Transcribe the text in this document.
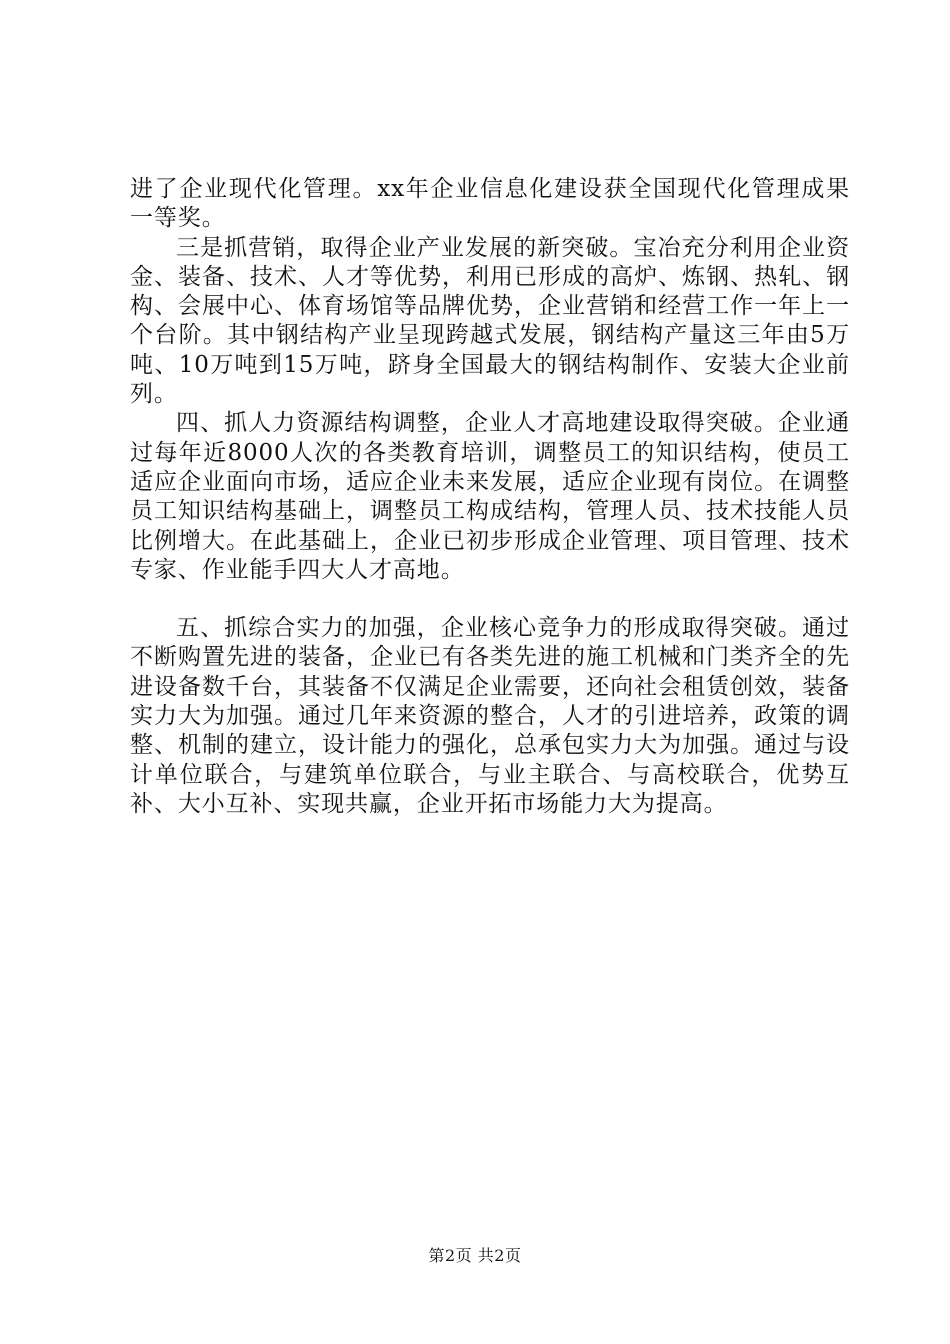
进了企业现代化管理。xx年企业信息化建设获全国现代化管理成果一等奖。

三是抓营销，取得企业产业发展的新突破。宝冶充分利用企业资金、装备、技术、人才等优势，利用已形成的高炉、炼钢、热轧、钢构、会展中心、体育场馆等品牌优势，企业营销和经营工作一年上一个台阶。其中钢结构产业呈现跨越式发展，钢结构产量这三年由5万吨、10万吨到15万吨，跻身全国最大的钢结构制作、安装大企业前列。

四、抓人力资源结构调整，企业人才高地建设取得突破。企业通过每年近8000人次的各类教育培训，调整员工的知识结构，使员工适应企业面向市场，适应企业未来发展，适应企业现有岗位。在调整员工知识结构基础上，调整员工构成结构，管理人员、技术技能人员比例增大。在此基础上，企业已初步形成企业管理、项目管理、技术专家、作业能手四大人才高地。

五、抓综合实力的加强，企业核心竞争力的形成取得突破。通过不断购置先进的装备，企业已有各类先进的施工机械和门类齐全的先进设备数千台，其装备不仅满足企业需要，还向社会租赁创效，装备实力大为加强。通过几年来资源的整合，人才的引进培养，政策的调整、机制的建立，设计能力的强化，总承包实力大为加强。通过与设计单位联合，与建筑单位联合，与业主联合、与高校联合，优势互补、大小互补、实现共赢，企业开拓市场能力大为提高。

第2页 共2页
